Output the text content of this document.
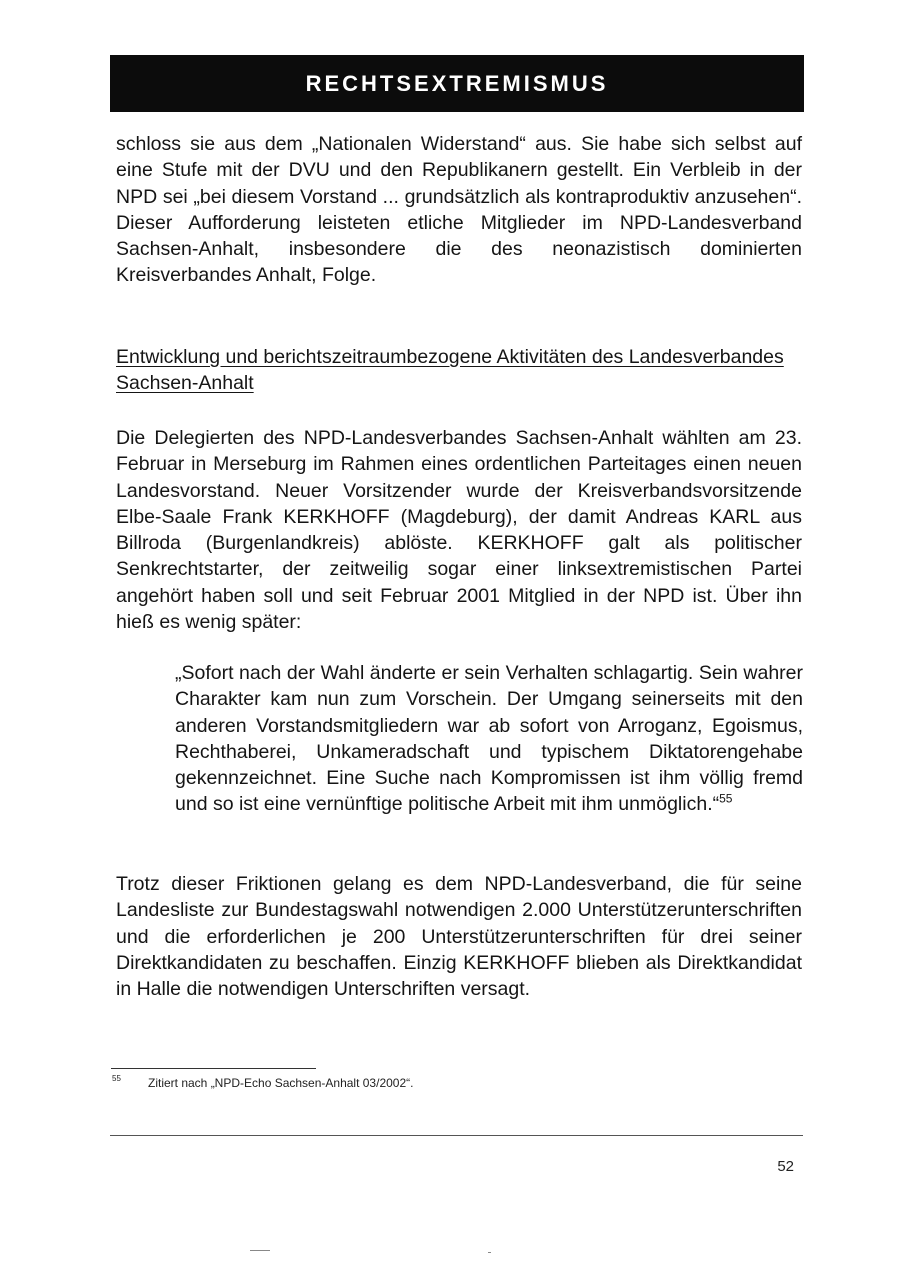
RECHTSEXTREMISMUS

schloss sie aus dem „Nationalen Widerstand“ aus. Sie habe sich selbst auf eine Stufe mit der DVU und den Republikanern gestellt. Ein Verbleib in der NPD sei „bei diesem Vorstand ... grundsätzlich als kontraproduktiv anzusehen“. Dieser Aufforderung leisteten etliche Mitglieder im NPD-Landesverband Sachsen-Anhalt, insbesondere die des neonazistisch dominierten Kreisverbandes Anhalt, Folge.

Entwicklung und berichtszeitraumbezogene Aktivitäten des Landesverbandes Sachsen-Anhalt

Die Delegierten des NPD-Landesverbandes Sachsen-Anhalt wählten am 23. Februar in Merseburg im Rahmen eines ordentlichen Parteitages einen neuen Landesvorstand. Neuer Vorsitzender wurde der Kreisverbandsvorsitzende Elbe-Saale Frank KERKHOFF (Magdeburg), der damit Andreas KARL aus Billroda (Burgenlandkreis) ablöste. KERKHOFF galt als politischer Senkrechtstarter, der zeitweilig sogar einer linksextremistischen Partei angehört haben soll und seit Februar 2001 Mitglied in der NPD ist. Über ihn hieß es wenig später:

„Sofort nach der Wahl änderte er sein Verhalten schlagartig. Sein wahrer Charakter kam nun zum Vorschein. Der Umgang seinerseits mit den anderen Vorstandsmitgliedern war ab sofort von Arroganz, Egoismus, Rechthaberei, Unkameradschaft und typischem Diktatorengehabe gekennzeichnet. Eine Suche nach Kompromissen ist ihm völlig fremd und so ist eine vernünftige politische Arbeit mit ihm unmöglich.“$^{55}$

Trotz dieser Friktionen gelang es dem NPD-Landesverband, die für seine Landesliste zur Bundestagswahl notwendigen 2.000 Unterstützerunterschriften und die erforderlichen je 200 Unterstützerunterschriften für drei seiner Direktkandidaten zu beschaffen. Einzig KERKHOFF blieben als Direktkandidat in Halle die notwendigen Unterschriften versagt.

55	Zitiert nach „NPD-Echo Sachsen-Anhalt 03/2002“.
52
